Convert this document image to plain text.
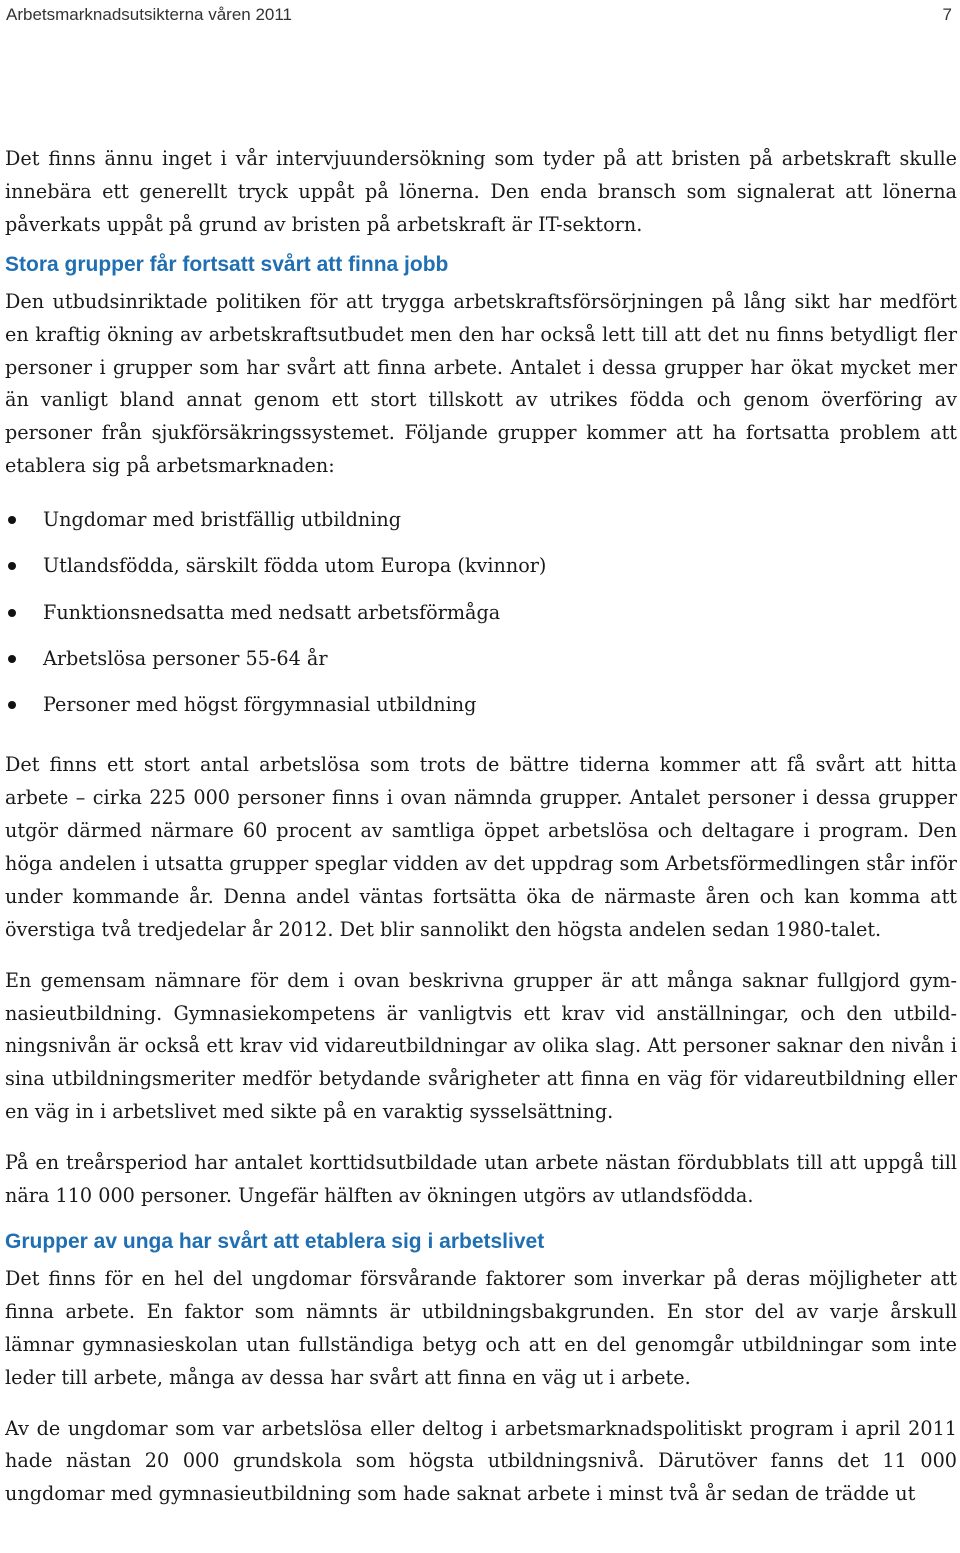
Arbetsmarknadsutsikterna våren 2011	7

Det finns ännu inget i vår intervjuundersökning som tyder på att bristen på arbetskraft skulle innebära ett generellt tryck uppåt på lönerna. Den enda bransch som signalerat att lönerna påverkats uppåt på grund av bristen på arbetskraft är IT-sektorn.

Stora grupper får fortsatt svårt att finna jobb

Den utbudsinriktade politiken för att trygga arbetskraftsförsörjningen på lång sikt har medfört en kraftig ökning av arbetskraftsutbudet men den har också lett till att det nu finns betydligt fler personer i grupper som har svårt att finna arbete. Antalet i dessa grupper har ökat mycket mer än vanligt bland annat genom ett stort tillskott av utrikes födda och genom överföring av personer från sjukförsäkringssystemet. Följande grupper kommer att ha fortsatta problem att etablera sig på arbetsmarknaden:

Ungdomar med bristfällig utbildning
Utlandsfödda, särskilt födda utom Europa (kvinnor)
Funktionsnedsatta med nedsatt arbetsförmåga
Arbetslösa personer 55-64 år
Personer med högst förgymnasial utbildning

Det finns ett stort antal arbetslösa som trots de bättre tiderna kommer att få svårt att hitta arbete – cirka 225 000 personer finns i ovan nämnda grupper. Antalet personer i dessa grupper utgör därmed närmare 60 procent av samtliga öppet arbetslösa och deltagare i program. Den höga andelen i utsatta grupper speglar vidden av det uppdrag som Arbetsförmedlingen står inför under kommande år. Denna andel väntas fortsätta öka de närmaste åren och kan komma att överstiga två tredjedelar år 2012. Det blir sannolikt den högsta andelen sedan 1980-talet.

En gemensam nämnare för dem i ovan beskrivna grupper är att många saknar fullgjord gymnasieutbildning. Gymnasiekompetens är vanligtvis ett krav vid anställningar, och den utbildningsnivån är också ett krav vid vidareutbildningar av olika slag. Att personer saknar den nivån i sina utbildningsmeriter medför betydande svårigheter att finna en väg för vidareutbildning eller en väg in i arbetslivet med sikte på en varaktig sysselsättning.

På en treårsperiod har antalet korttidsutbildade utan arbete nästan fördubblats till att uppgå till nära 110 000 personer. Ungefär hälften av ökningen utgörs av utlandsfödda.

Grupper av unga har svårt att etablera sig i arbetslivet

Det finns för en hel del ungdomar försvårande faktorer som inverkar på deras möjligheter att finna arbete. En faktor som nämnts är utbildningsbakgrunden. En stor del av varje årskull lämnar gymnasieskolan utan fullständiga betyg och att en del genomgår utbildningar som inte leder till arbete, många av dessa har svårt att finna en väg ut i arbete.

Av de ungdomar som var arbetslösa eller deltog i arbetsmarknadspolitiskt program i april 2011 hade nästan 20 000 grundskola som högsta utbildningsnivå. Därutöver fanns det 11 000 ungdomar med gymnasieutbildning som hade saknat arbete i minst två år sedan de trädde ut
